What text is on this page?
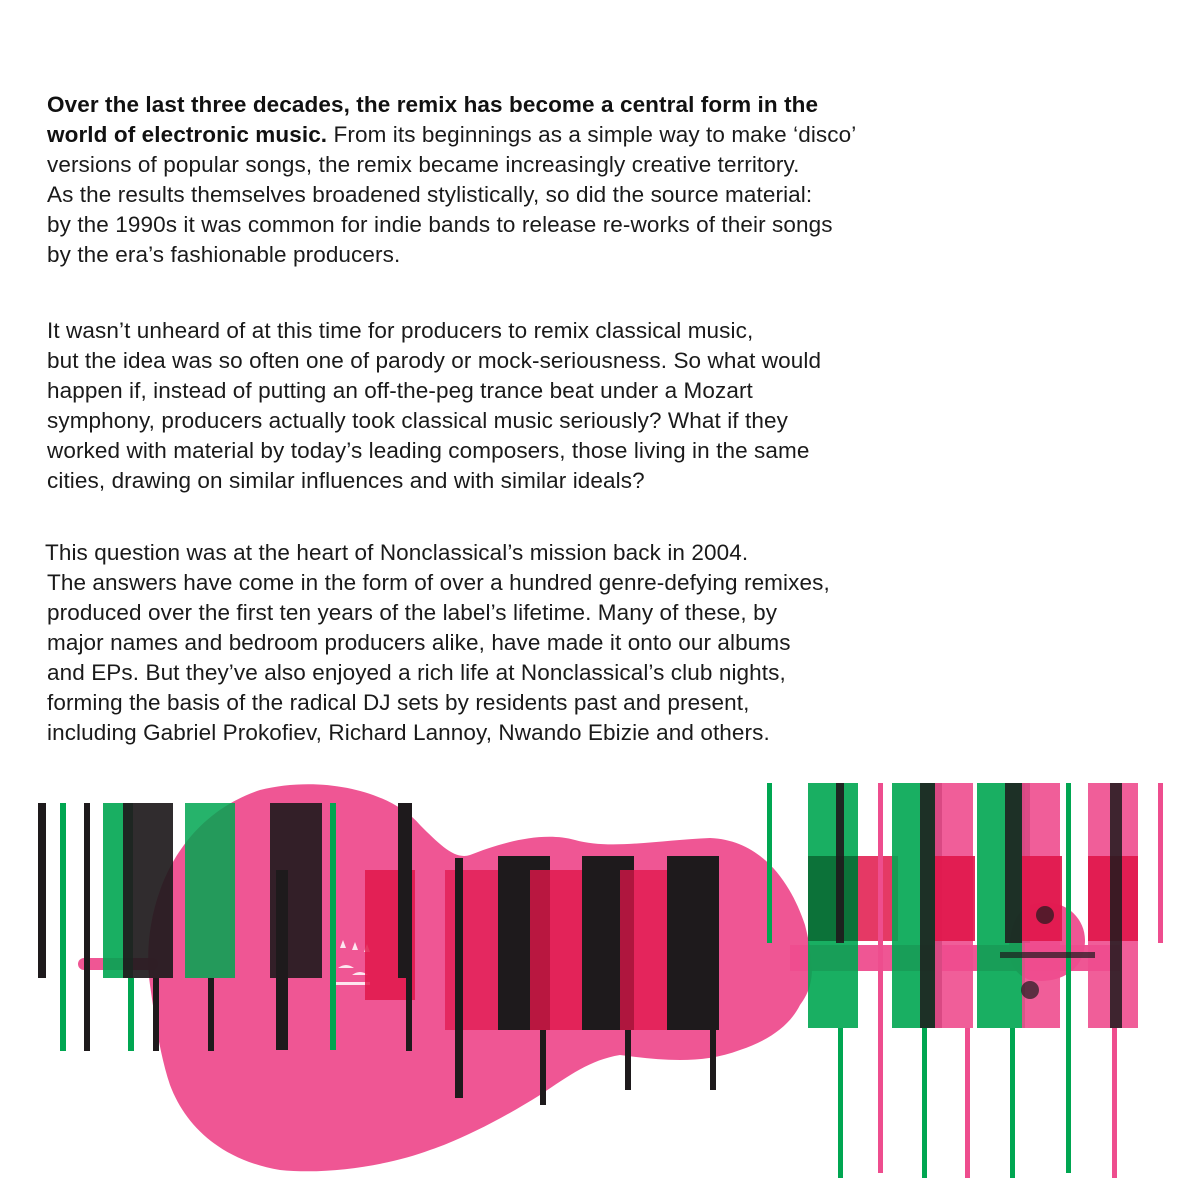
Over the last three decades, the remix has become a central form in the
world of electronic music. From its beginnings as a simple way to make ‘disco’
versions of popular songs, the remix became increasingly creative territory.
As the results themselves broadened stylistically, so did the source material:
by the 1990s it was common for indie bands to release re-works of their songs
by the era’s fashionable producers.
It wasn’t unheard of at this time for producers to remix classical music,
but the idea was so often one of parody or mock-seriousness. So what would
happen if, instead of putting an off-the-peg trance beat under a Mozart
symphony, producers actually took classical music seriously? What if they
worked with material by today’s leading composers, those living in the same
cities, drawing on similar influences and with similar ideals?
This question was at the heart of Nonclassical’s mission back in 2004.
The answers have come in the form of over a hundred genre-defying remixes,
produced over the first ten years of the label’s lifetime. Many of these, by
major names and bedroom producers alike, have made it onto our albums
and EPs. But they’ve also enjoyed a rich life at Nonclassical’s club nights,
forming the basis of the radical DJ sets by residents past and present,
including Gabriel Prokofiev, Richard Lannoy, Nwando Ebizie and others.
